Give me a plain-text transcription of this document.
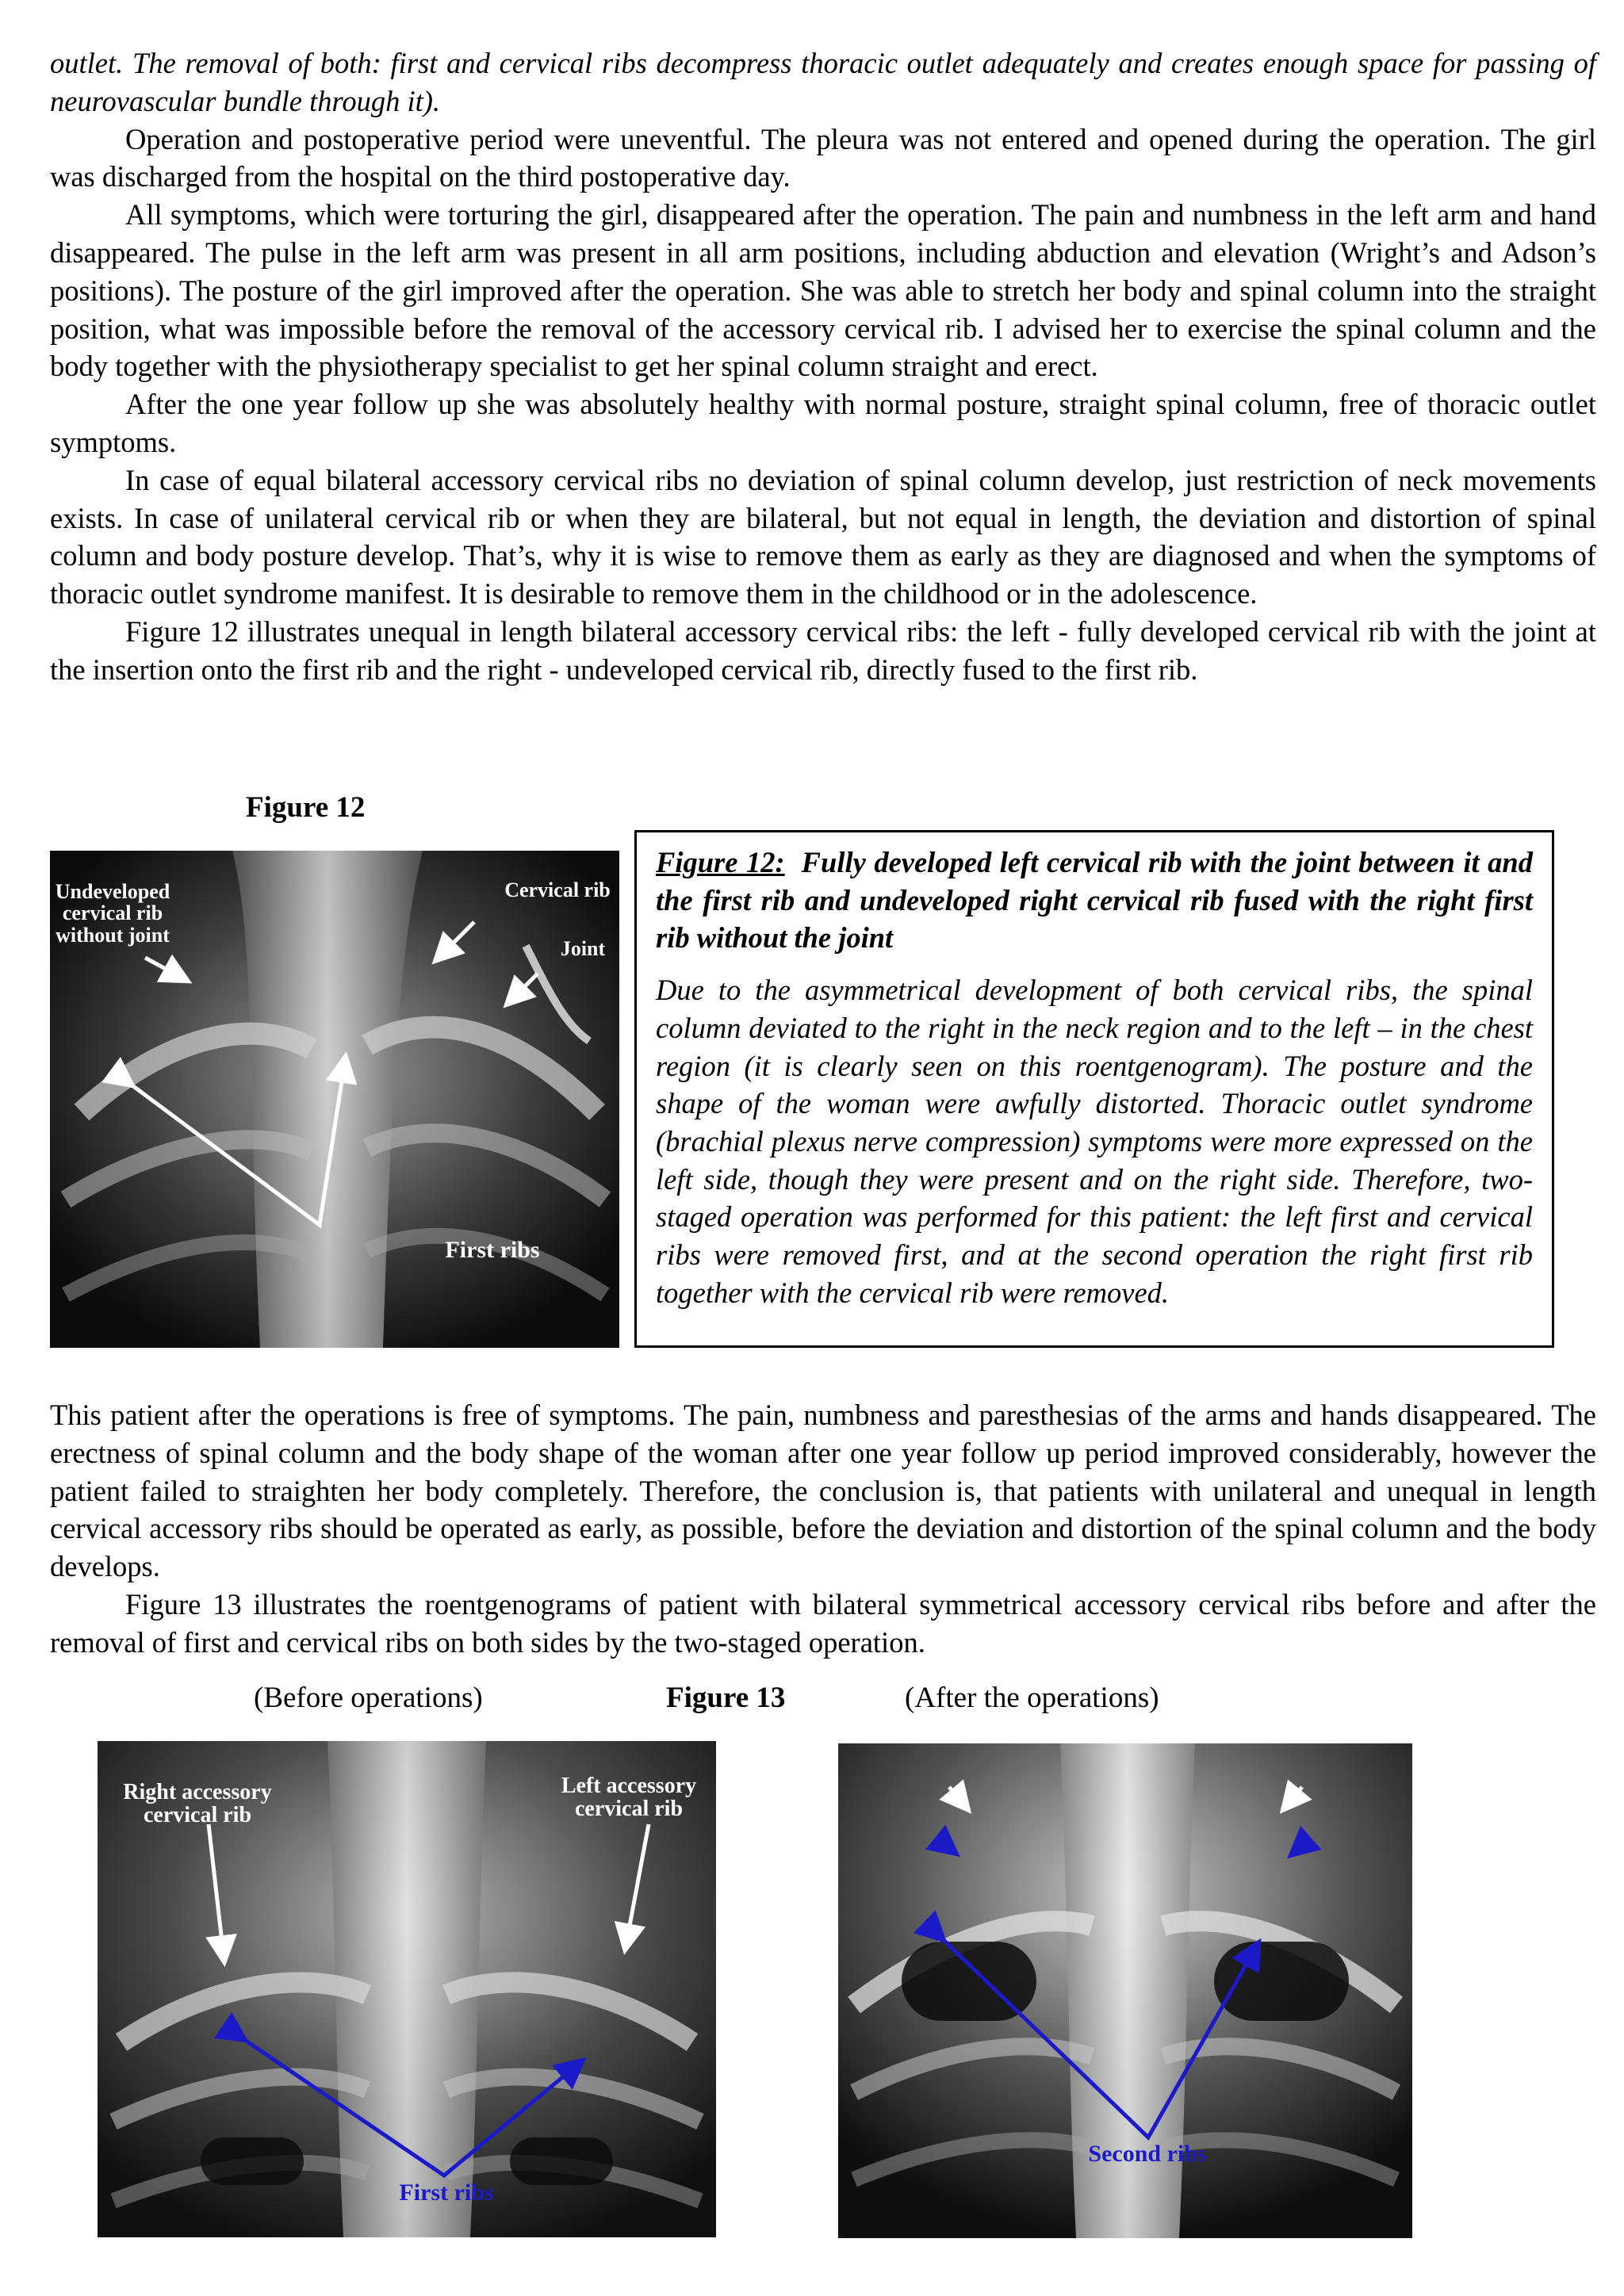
outlet. The removal of both: first and cervical ribs decompress thoracic outlet adequately and creates enough space for passing of neurovascular bundle through it).

Operation and postoperative period were uneventful. The pleura was not entered and opened during the operation. The girl was discharged from the hospital on the third postoperative day.

All symptoms, which were torturing the girl, disappeared after the operation. The pain and numbness in the left arm and hand disappeared. The pulse in the left arm was present in all arm positions, including abduction and elevation (Wright’s and Adson’s positions). The posture of the girl improved after the operation. She was able to stretch her body and spinal column into the straight position, what was impossible before the removal of the accessory cervical rib. I advised her to exercise the spinal column and the body together with the physiotherapy specialist to get her spinal column straight and erect.

After the one year follow up she was absolutely healthy with normal posture, straight spinal column, free of thoracic outlet symptoms.

In case of equal bilateral accessory cervical ribs no deviation of spinal column develop, just restriction of neck movements exists. In case of unilateral cervical rib or when they are bilateral, but not equal in length, the deviation and distortion of spinal column and body posture develop. That’s, why it is wise to remove them as early as they are diagnosed and when the symptoms of thoracic outlet syndrome manifest. It is desirable to remove them in the childhood or in the adolescence.

Figure 12 illustrates unequal in length bilateral accessory cervical ribs: the left - fully developed cervical rib with the joint at the insertion onto the first rib and the right - undeveloped cervical rib, directly fused to the first rib.

Figure 12
Undeveloped cervical rib without joint
Cervical rib
Joint
First ribs

Figure 12: Fully developed left cervical rib with the joint between it and the first rib and undeveloped right cervical rib fused with the right first rib without the joint

Due to the asymmetrical development of both cervical ribs, the spinal column deviated to the right in the neck region and to the left – in the chest region (it is clearly seen on this roentgenogram). The posture and the shape of the woman were awfully distorted. Thoracic outlet syndrome (brachial plexus nerve compression) symptoms were more expressed on the left side, though they were present and on the right side. Therefore, two- staged operation was performed for this patient: the left first and cervical ribs were removed first, and at the second operation the right first rib together with the cervical rib were removed.

This patient after the operations is free of symptoms. The pain, numbness and paresthesias of the arms and hands disappeared. The erectness of spinal column and the body shape of the woman after one year follow up period improved considerably, however the patient failed to straighten her body completely. Therefore, the conclusion is, that patients with unilateral and unequal in length cervical accessory ribs should be operated as early, as possible, before the deviation and distortion of the spinal column and the body develops.

Figure 13 illustrates the roentgenograms of patient with bilateral symmetrical accessory cervical ribs before and after the removal of first and cervical ribs on both sides by the two-staged operation.

(Before operations)	Figure 13	(After the operations)
Right accessory cervical rib
Left accessory cervical rib
First ribs
Second ribs
